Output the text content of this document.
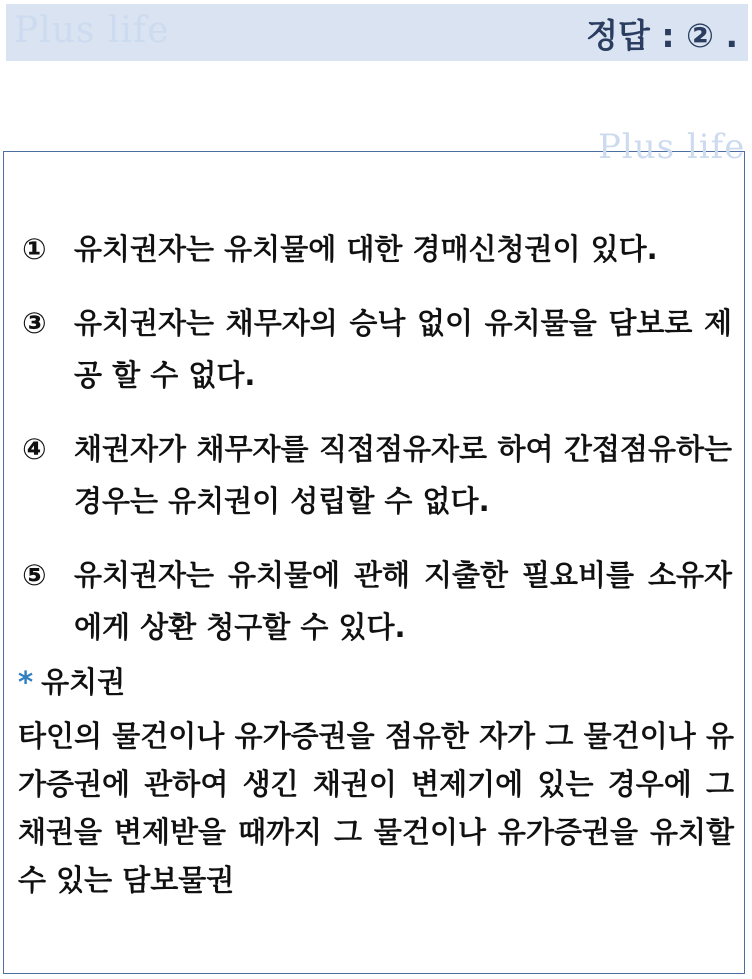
Plus life	정답 : ② .
Plus life
① 유치권자는 유치물에 대한 경매신청권이 있다.
③ 유치권자는 채무자의 승낙 없이 유치물을 담보로 제공 할 수 없다.
④ 채권자가 채무자를 직접점유자로 하여 간접점유하는 경우는 유치권이 성립할 수 없다.
⑤ 유치권자는 유치물에 관해 지출한 필요비를 소유자에게 상환 청구할 수 있다.
* 유치권
타인의 물건이나 유가증권을 점유한 자가 그 물건이나 유가증권에 관하여 생긴 채권이 변제기에 있는 경우에 그 채권을 변제받을 때까지 그 물건이나 유가증권을 유치할 수 있는 담보물권
